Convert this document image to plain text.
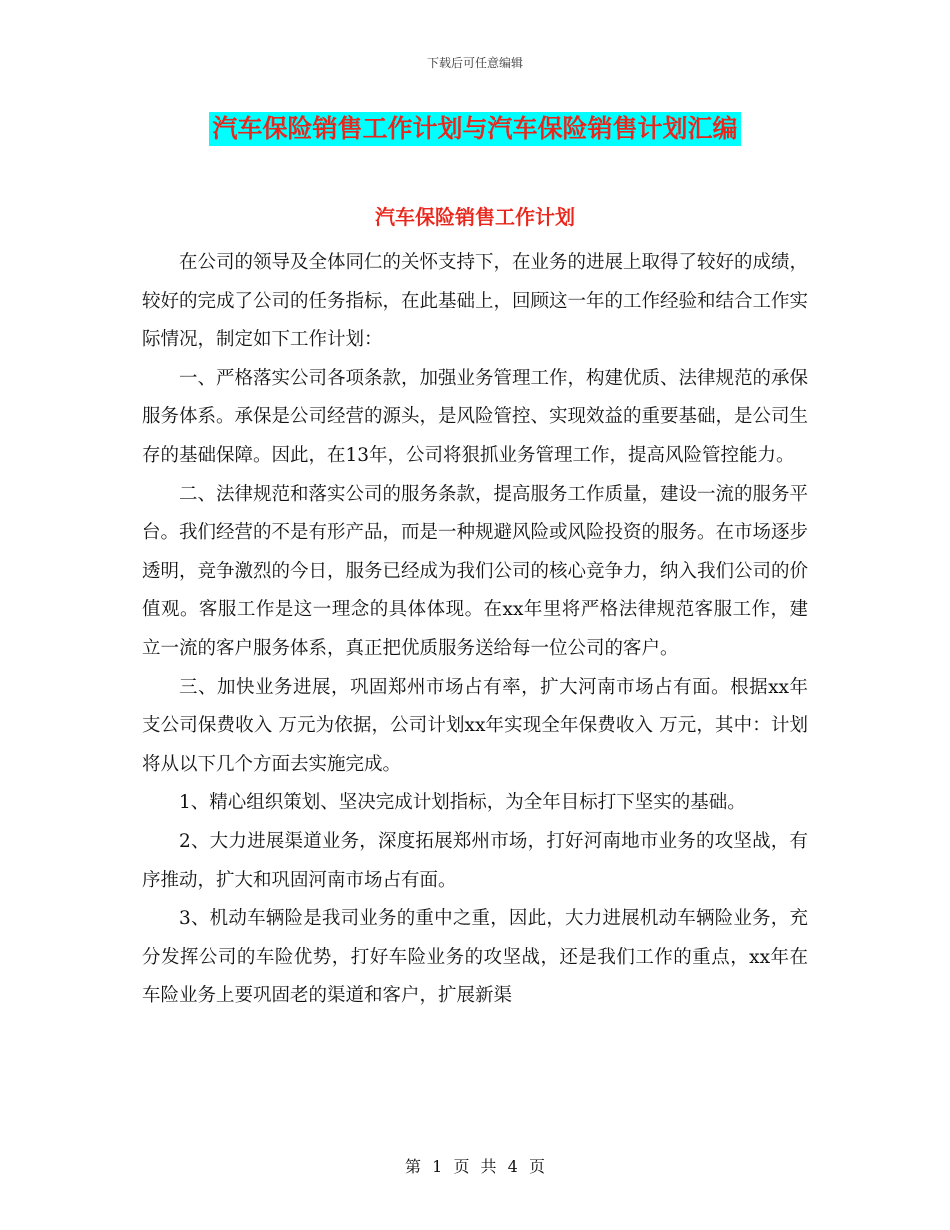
下载后可任意编辑
汽车保险销售工作计划与汽车保险销售计划汇编
汽车保险销售工作计划

在公司的领导及全体同仁的关怀支持下，在业务的进展上取得了较好的成绩，较好的完成了公司的任务指标，在此基础上，回顾这一年的工作经验和结合工作实际情况，制定如下工作计划：

一、严格落实公司各项条款，加强业务管理工作，构建优质、法律规范的承保服务体系。承保是公司经营的源头，是风险管控、实现效益的重要基础，是公司生存的基础保障。因此，在13年，公司将狠抓业务管理工作，提高风险管控能力。

二、法律规范和落实公司的服务条款，提高服务工作质量，建设一流的服务平台。我们经营的不是有形产品，而是一种规避风险或风险投资的服务。在市场逐步透明，竞争激烈的今日，服务已经成为我们公司的核心竞争力，纳入我们公司的价值观。客服工作是这一理念的具体体现。在xx年里将严格法律规范客服工作，建立一流的客户服务体系，真正把优质服务送给每一位公司的客户。

三、加快业务进展，巩固郑州市场占有率，扩大河南市场占有面。根据xx年支公司保费收入 万元为依据，公司计划xx年实现全年保费收入 万元，其中：计划将从以下几个方面去实施完成。

1、精心组织策划、坚决完成计划指标，为全年目标打下坚实的基础。

2、大力进展渠道业务，深度拓展郑州市场，打好河南地市业务的攻坚战，有序推动，扩大和巩固河南市场占有面。

3、机动车辆险是我司业务的重中之重，因此，大力进展机动车辆险业务，充分发挥公司的车险优势，打好车险业务的攻坚战，还是我们工作的重点，xx年在车险业务上要巩固老的渠道和客户，扩展新渠

第 1 页 共 4 页
